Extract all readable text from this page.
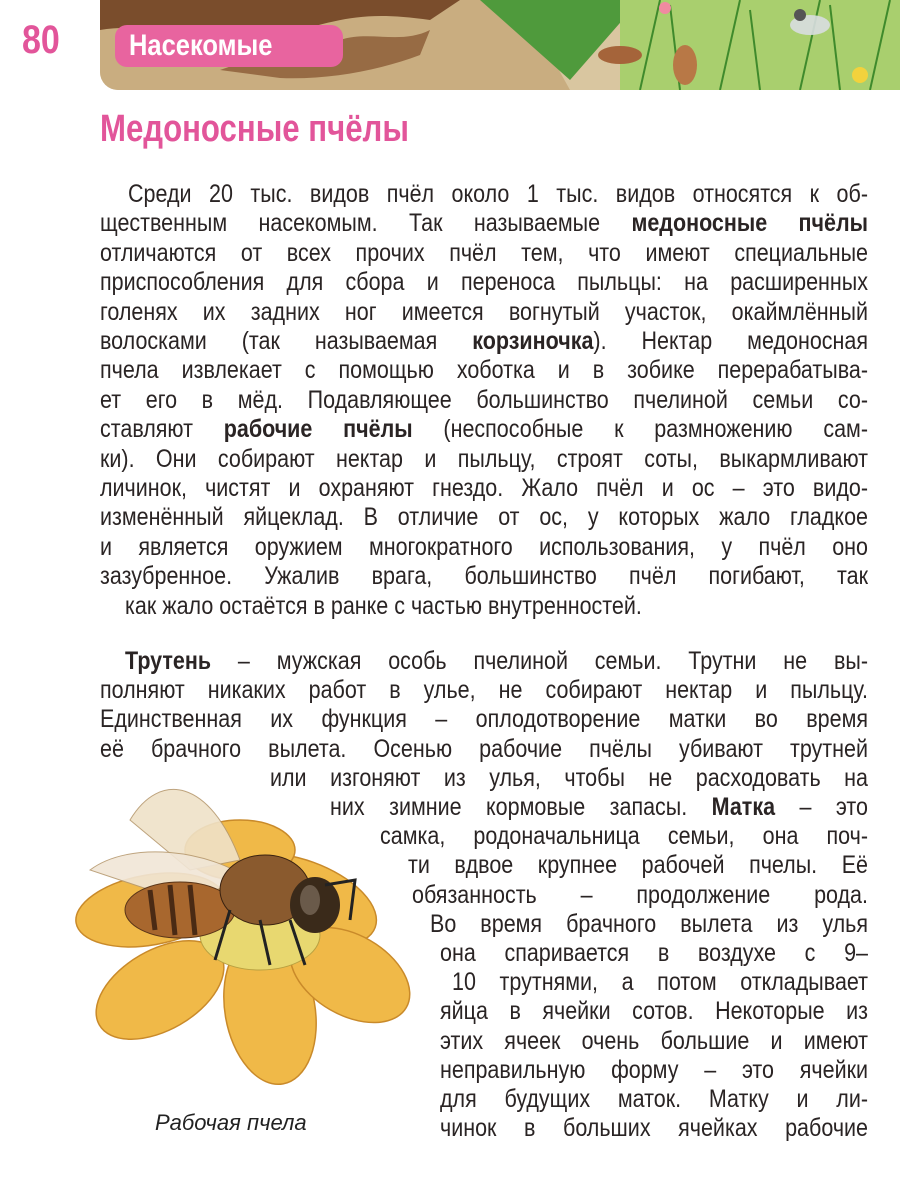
80	Насекомые
Медоносные пчёлы
Среди 20 тыс. видов пчёл около 1 тыс. видов относятся к об-
щественным насекомым. Так называемые медоносные пчёлы
отличаются от всех прочих пчёл тем, что имеют специальные
приспособления для сбора и переноса пыльцы: на расширенных
голенях их задних ног имеется вогнутый участок, окаймлённый
волосками (так называемая корзиночка). Нектар медоносная
пчела извлекает с помощью хоботка и в зобике перерабатыва-
ет его в мёд. Подавляющее большинство пчелиной семьи со-
ставляют рабочие пчёлы (неспособные к размножению сам-
ки). Они собирают нектар и пыльцу, строят соты, выкармливают
личинок, чистят и охраняют гнездо. Жало пчёл и ос – это видо-
изменённый яйцеклад. В отличие от ос, у которых жало гладкое
и является оружием многократного использования, у пчёл оно
зазубренное. Ужалив врага, большинство пчёл погибают, так
как жало остаётся в ранке с частью внутренностей.
Трутень – мужская особь пчелиной семьи. Трутни не вы-
полняют никаких работ в улье, не собирают нектар и пыльцу.
Единственная их функция – оплодотворение матки во время
её брачного вылета. Осенью рабочие пчёлы убивают трутней
или изгоняют из улья, чтобы не расходовать на
них зимние кормовые запасы. Матка – это
самка, родоначальница семьи, она поч-
ти вдвое крупнее рабочей пчелы. Её
обязанность – продолжение рода.
Во время брачного вылета из улья
она спаривается в воздухе с 9–
10 трутнями, а потом откладывает
яйца в ячейки сотов. Некоторые из
этих ячеек очень большие и имеют
неправильную форму – это ячейки
для будущих маток. Матку и ли-
чинок в больших ячейках рабочие
Рабочая пчела
